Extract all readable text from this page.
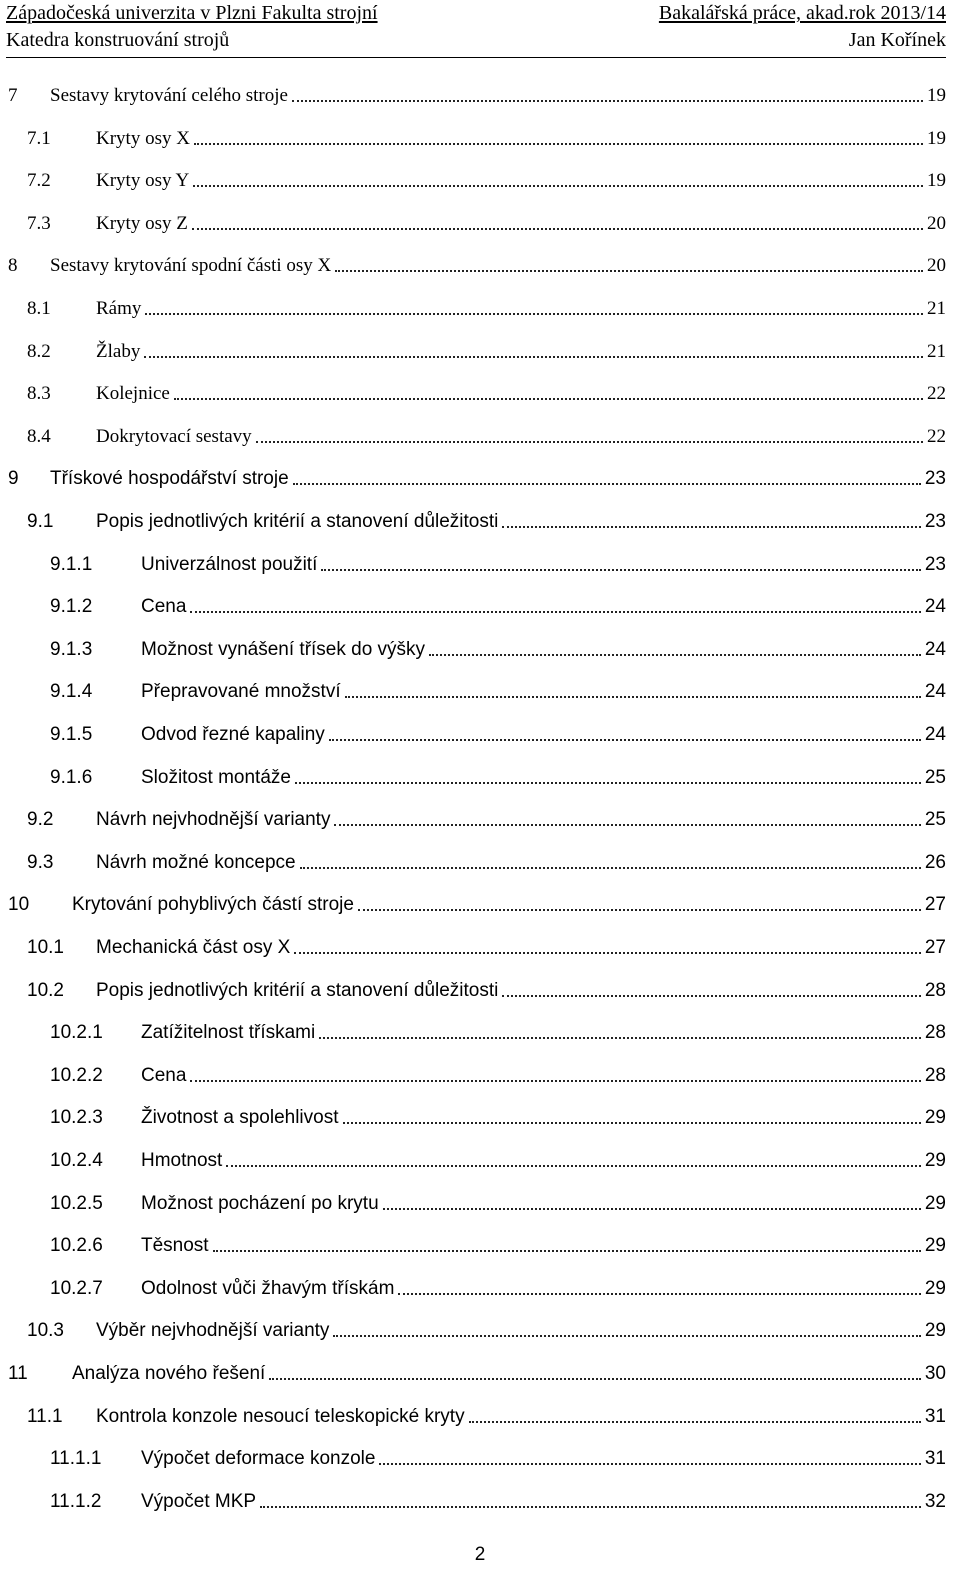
Západočeská univerzita v Plzni Fakulta strojní	Bakalářská práce, akad.rok 2013/14
Katedra konstruování strojů	Jan Kořínek
7 Sestavy krytování celého stroje	19
7.1 Kryty osy X	19
7.2 Kryty osy Y	19
7.3 Kryty osy Z	20
8 Sestavy krytování spodní části osy X	20
8.1 Rámy	21
8.2 Žlaby	21
8.3 Kolejnice	22
8.4 Dokrytovací sestavy	22
9 Třískové hospodářství stroje	23
9.1 Popis jednotlivých kritérií a stanovení důležitosti	23
9.1.1	Univerzálnost použití	23
9.1.2	Cena	24
9.1.3	Možnost vynášení třísek do výšky	24
9.1.4	Přepravované množství	24
9.1.5	Odvod řezné kapaliny	24
9.1.6	Složitost montáže	25
9.2 Návrh nejvhodnější varianty	25
9.3 Návrh možné koncepce	26
10 Krytování pohyblivých částí stroje	27
10.1 Mechanická část osy X	27
10.2 Popis jednotlivých kritérií a stanovení důležitosti	28
10.2.1 Zatížitelnost třískami	28
10.2.2 Cena	28
10.2.3 Životnost a spolehlivost	29
10.2.4 Hmotnost	29
10.2.5 Možnost pocházení po krytu	29
10.2.6 Těsnost	29
10.2.7 Odolnost vůči žhavým třískám	29
10.3 Výběr nejvhodnější varianty	29
11 Analýza nového řešení	30
11.1 Kontrola konzole nesoucí teleskopické kryty	31
11.1.1 Výpočet deformace konzole	31
11.1.2 Výpočet MKP	32
2
